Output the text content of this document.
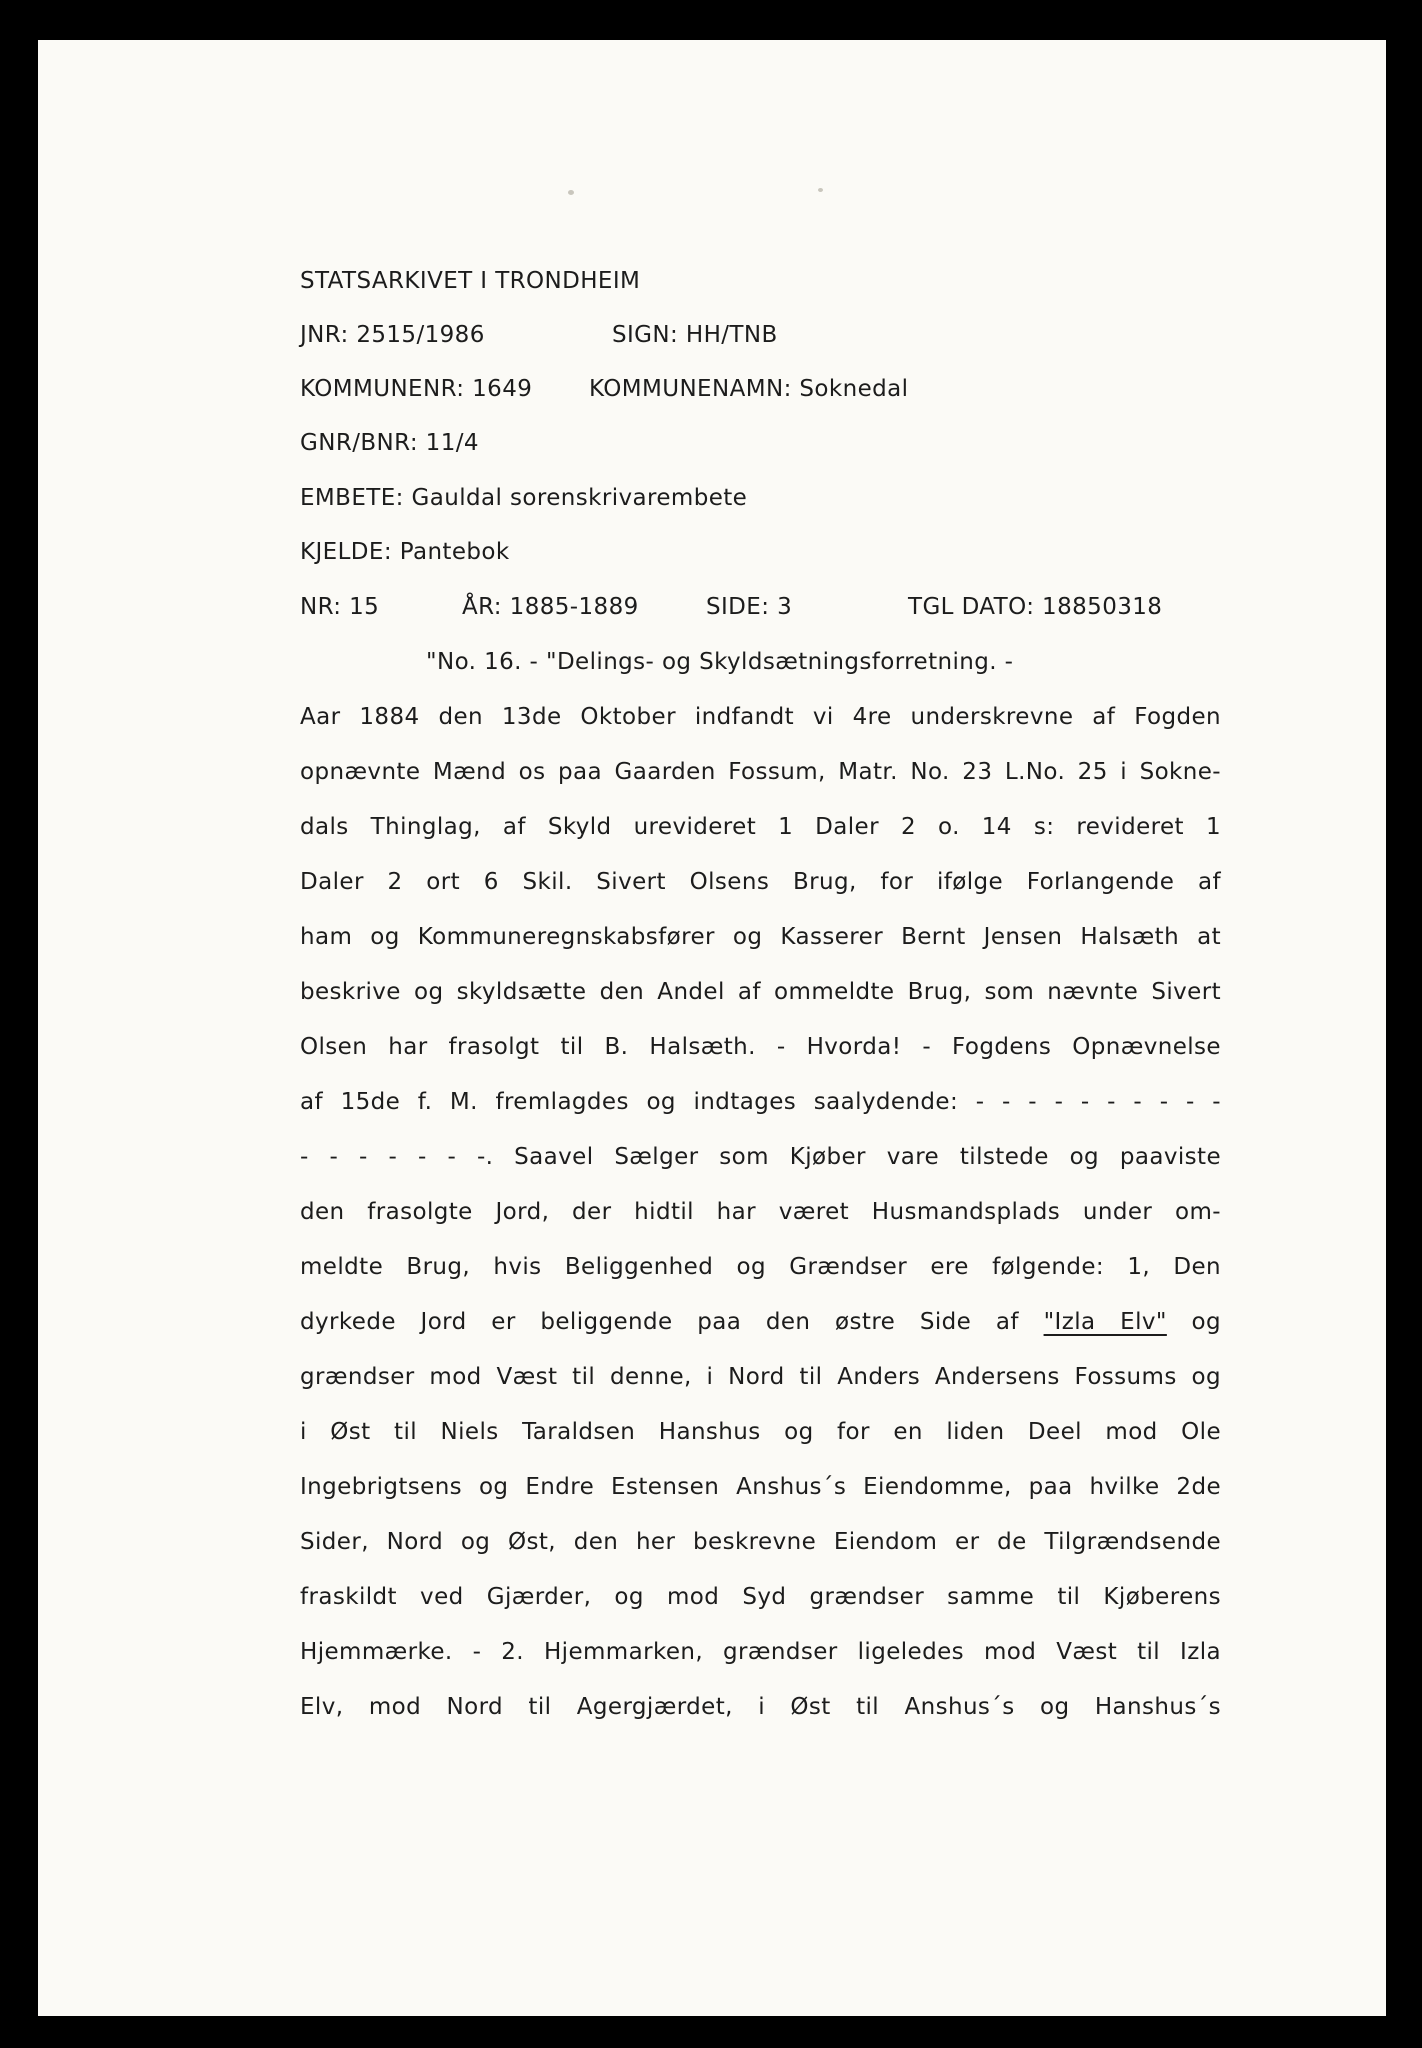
STATSARKIVET I TRONDHEIM
JNR: 2515/1986	SIGN: HH/TNB
KOMMUNENR: 1649 KOMMUNENAMN: Soknedal
GNR/BNR: 11/4
EMBETE: Gauldal sorenskrivarembete
KJELDE: Pantebok
NR: 15	ÅR: 1885-1889	SIDE: 3	TGL DATO: 18850318
"No. 16. - "Delings- og Skyldsætningsforretning. -
Aar 1884 den 13de Oktober indfandt vi 4re underskrevne af Fogden
opnævnte Mænd os paa Gaarden Fossum, Matr. No. 23 L.No. 25 i Sokne-
dals Thinglag, af Skyld urevideret 1 Daler 2 o. 14 s: revideret 1
Daler 2 ort 6 Skil. Sivert Olsens Brug, for ifølge Forlangende af
ham og Kommuneregnskabsfører og Kasserer Bernt Jensen Halsæth at
beskrive og skyldsætte den Andel af ommeldte Brug, som nævnte Sivert
Olsen har frasolgt til B. Halsæth. - Hvorda! - Fogdens Opnævnelse
af 15de f. M. fremlagdes og indtages saalydende: - - - - - - - - - -
- - - - - - -. Saavel Sælger som Kjøber vare tilstede og paaviste
den frasolgte Jord, der hidtil har været Husmandsplads under om-
meldte Brug, hvis Beliggenhed og Grændser ere følgende: 1, Den
dyrkede Jord er beliggende paa den østre Side af "Izla Elv" og
grændser mod Væst til denne, i Nord til Anders Andersens Fossums og
i Øst til Niels Taraldsen Hanshus og for en liden Deel mod Ole
Ingebrigtsens og Endre Estensen Anshus´s Eiendomme, paa hvilke 2de
Sider, Nord og Øst, den her beskrevne Eiendom er de Tilgrændsende
fraskildt ved Gjærder, og mod Syd grændser samme til Kjøberens
Hjemmærke. - 2. Hjemmarken, grændser ligeledes mod Væst til Izla
Elv, mod Nord til Agergjærdet, i Øst til Anshus´s og Hanshus´s
